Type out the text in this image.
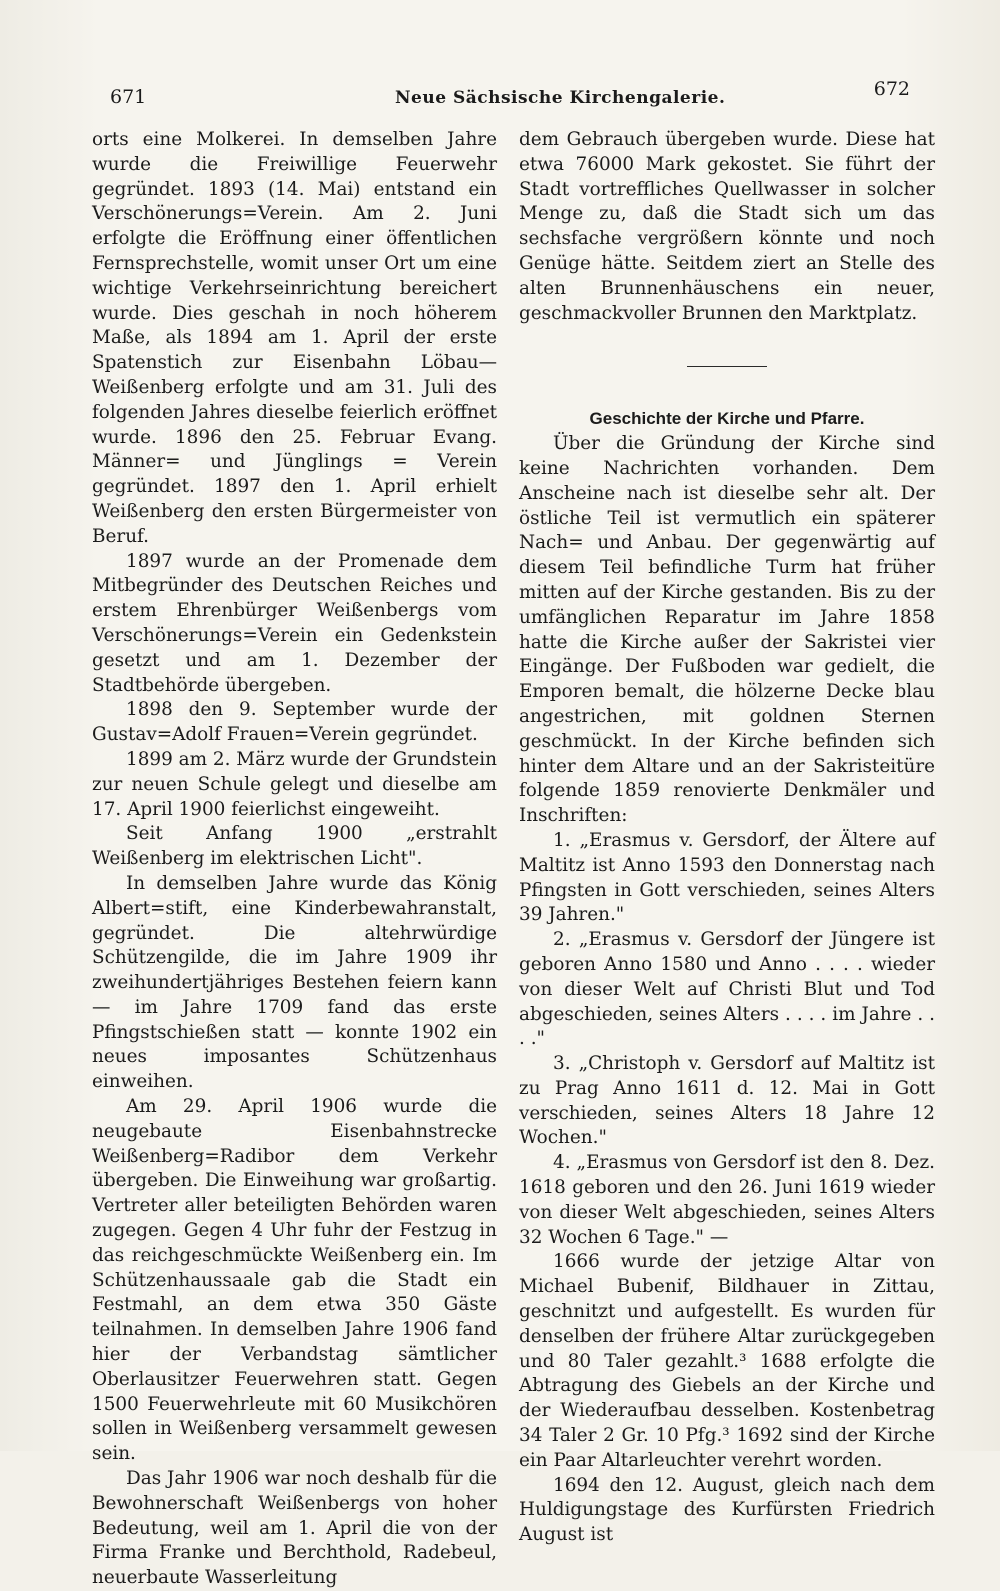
671	Neue Sächsische Kirchengalerie.	672

orts eine Molkerei. In demselben Jahre wurde die Freiwillige Feuerwehr gegründet. 1893 (14. Mai) entstand ein Verschönerungs=Verein. Am 2. Juni erfolgte die Eröffnung einer öffentlichen Fernsprechstelle, womit unser Ort um eine wichtige Verkehrseinrichtung bereichert wurde. Dies geschah in noch höherem Maße, als 1894 am 1. April der erste Spatenstich zur Eisenbahn Löbau—Weißenberg erfolgte und am 31. Juli des folgenden Jahres dieselbe feierlich eröffnet wurde. 1896 den 25. Februar Evang. Männer= und Jünglings = Verein gegründet. 1897 den 1. April erhielt Weißenberg den ersten Bürgermeister von Beruf.

1897 wurde an der Promenade dem Mitbegründer des Deutschen Reiches und erstem Ehrenbürger Weißenbergs vom Verschönerungs=Verein ein Gedenkstein gesetzt und am 1. Dezember der Stadtbehörde übergeben.

1898 den 9. September wurde der Gustav=Adolf Frauen=Verein gegründet.

1899 am 2. März wurde der Grundstein zur neuen Schule gelegt und dieselbe am 17. April 1900 feierlichst eingeweiht.

Seit Anfang 1900 „erstrahlt Weißenberg im elektrischen Licht".

In demselben Jahre wurde das König Albert=stift, eine Kinderbewahranstalt, gegründet. Die altehrwürdige Schützengilde, die im Jahre 1909 ihr zweihundertjähriges Bestehen feiern kann — im Jahre 1709 fand das erste Pfingstschießen statt — konnte 1902 ein neues imposantes Schützenhaus einweihen.

Am 29. April 1906 wurde die neugebaute Eisenbahnstrecke Weißenberg=Radibor dem Verkehr übergeben. Die Einweihung war großartig. Vertreter aller beteiligten Behörden waren zugegen. Gegen 4 Uhr fuhr der Festzug in das reichgeschmückte Weißenberg ein. Im Schützenhaussaale gab die Stadt ein Festmahl, an dem etwa 350 Gäste teilnahmen. In demselben Jahre 1906 fand hier der Verbandstag sämtlicher Oberlausitzer Feuerwehren statt. Gegen 1500 Feuerwehrleute mit 60 Musikchören sollen in Weißenberg versammelt gewesen sein.

Das Jahr 1906 war noch deshalb für die Bewohnerschaft Weißenbergs von hoher Bedeutung, weil am 1. April die von der Firma Franke und Berchthold, Radebeul, neuerbaute Wasserleitung

dem Gebrauch übergeben wurde. Diese hat etwa 76000 Mark gekostet. Sie führt der Stadt vortreffliches Quellwasser in solcher Menge zu, daß die Stadt sich um das sechsfache vergrößern könnte und noch Genüge hätte. Seitdem ziert an Stelle des alten Brunnenhäuschens ein neuer, geschmackvoller Brunnen den Marktplatz.

Geschichte der Kirche und Pfarre.

Über die Gründung der Kirche sind keine Nachrichten vorhanden. Dem Anscheine nach ist dieselbe sehr alt. Der östliche Teil ist vermutlich ein späterer Nach= und Anbau. Der gegenwärtig auf diesem Teil befindliche Turm hat früher mitten auf der Kirche gestanden. Bis zu der umfänglichen Reparatur im Jahre 1858 hatte die Kirche außer der Sakristei vier Eingänge. Der Fußboden war gedielt, die Emporen bemalt, die hölzerne Decke blau angestrichen, mit goldnen Sternen geschmückt. In der Kirche befinden sich hinter dem Altare und an der Sakristeitüre folgende 1859 renovierte Denkmäler und Inschriften:

1. „Erasmus v. Gersdorf, der Ältere auf Maltitz ist Anno 1593 den Donnerstag nach Pfingsten in Gott verschieden, seines Alters 39 Jahren."

2. „Erasmus v. Gersdorf der Jüngere ist geboren Anno 1580 und Anno . . . . wieder von dieser Welt auf Christi Blut und Tod abgeschieden, seines Alters . . . . im Jahre . . . ."

3. „Christoph v. Gersdorf auf Maltitz ist zu Prag Anno 1611 d. 12. Mai in Gott verschieden, seines Alters 18 Jahre 12 Wochen."

4. „Erasmus von Gersdorf ist den 8. Dez. 1618 geboren und den 26. Juni 1619 wieder von dieser Welt abgeschieden, seines Alters 32 Wochen 6 Tage." —

1666 wurde der jetzige Altar von Michael Bubenif, Bildhauer in Zittau, geschnitzt und aufgestellt. Es wurden für denselben der frühere Altar zurückgegeben und 80 Taler gezahlt.³ 1688 erfolgte die Abtragung des Giebels an der Kirche und der Wiederaufbau desselben. Kostenbetrag 34 Taler 2 Gr. 10 Pfg.³ 1692 sind der Kirche ein Paar Altarleuchter verehrt worden.

1694 den 12. August, gleich nach dem Huldigungstage des Kurfürsten Friedrich August ist
